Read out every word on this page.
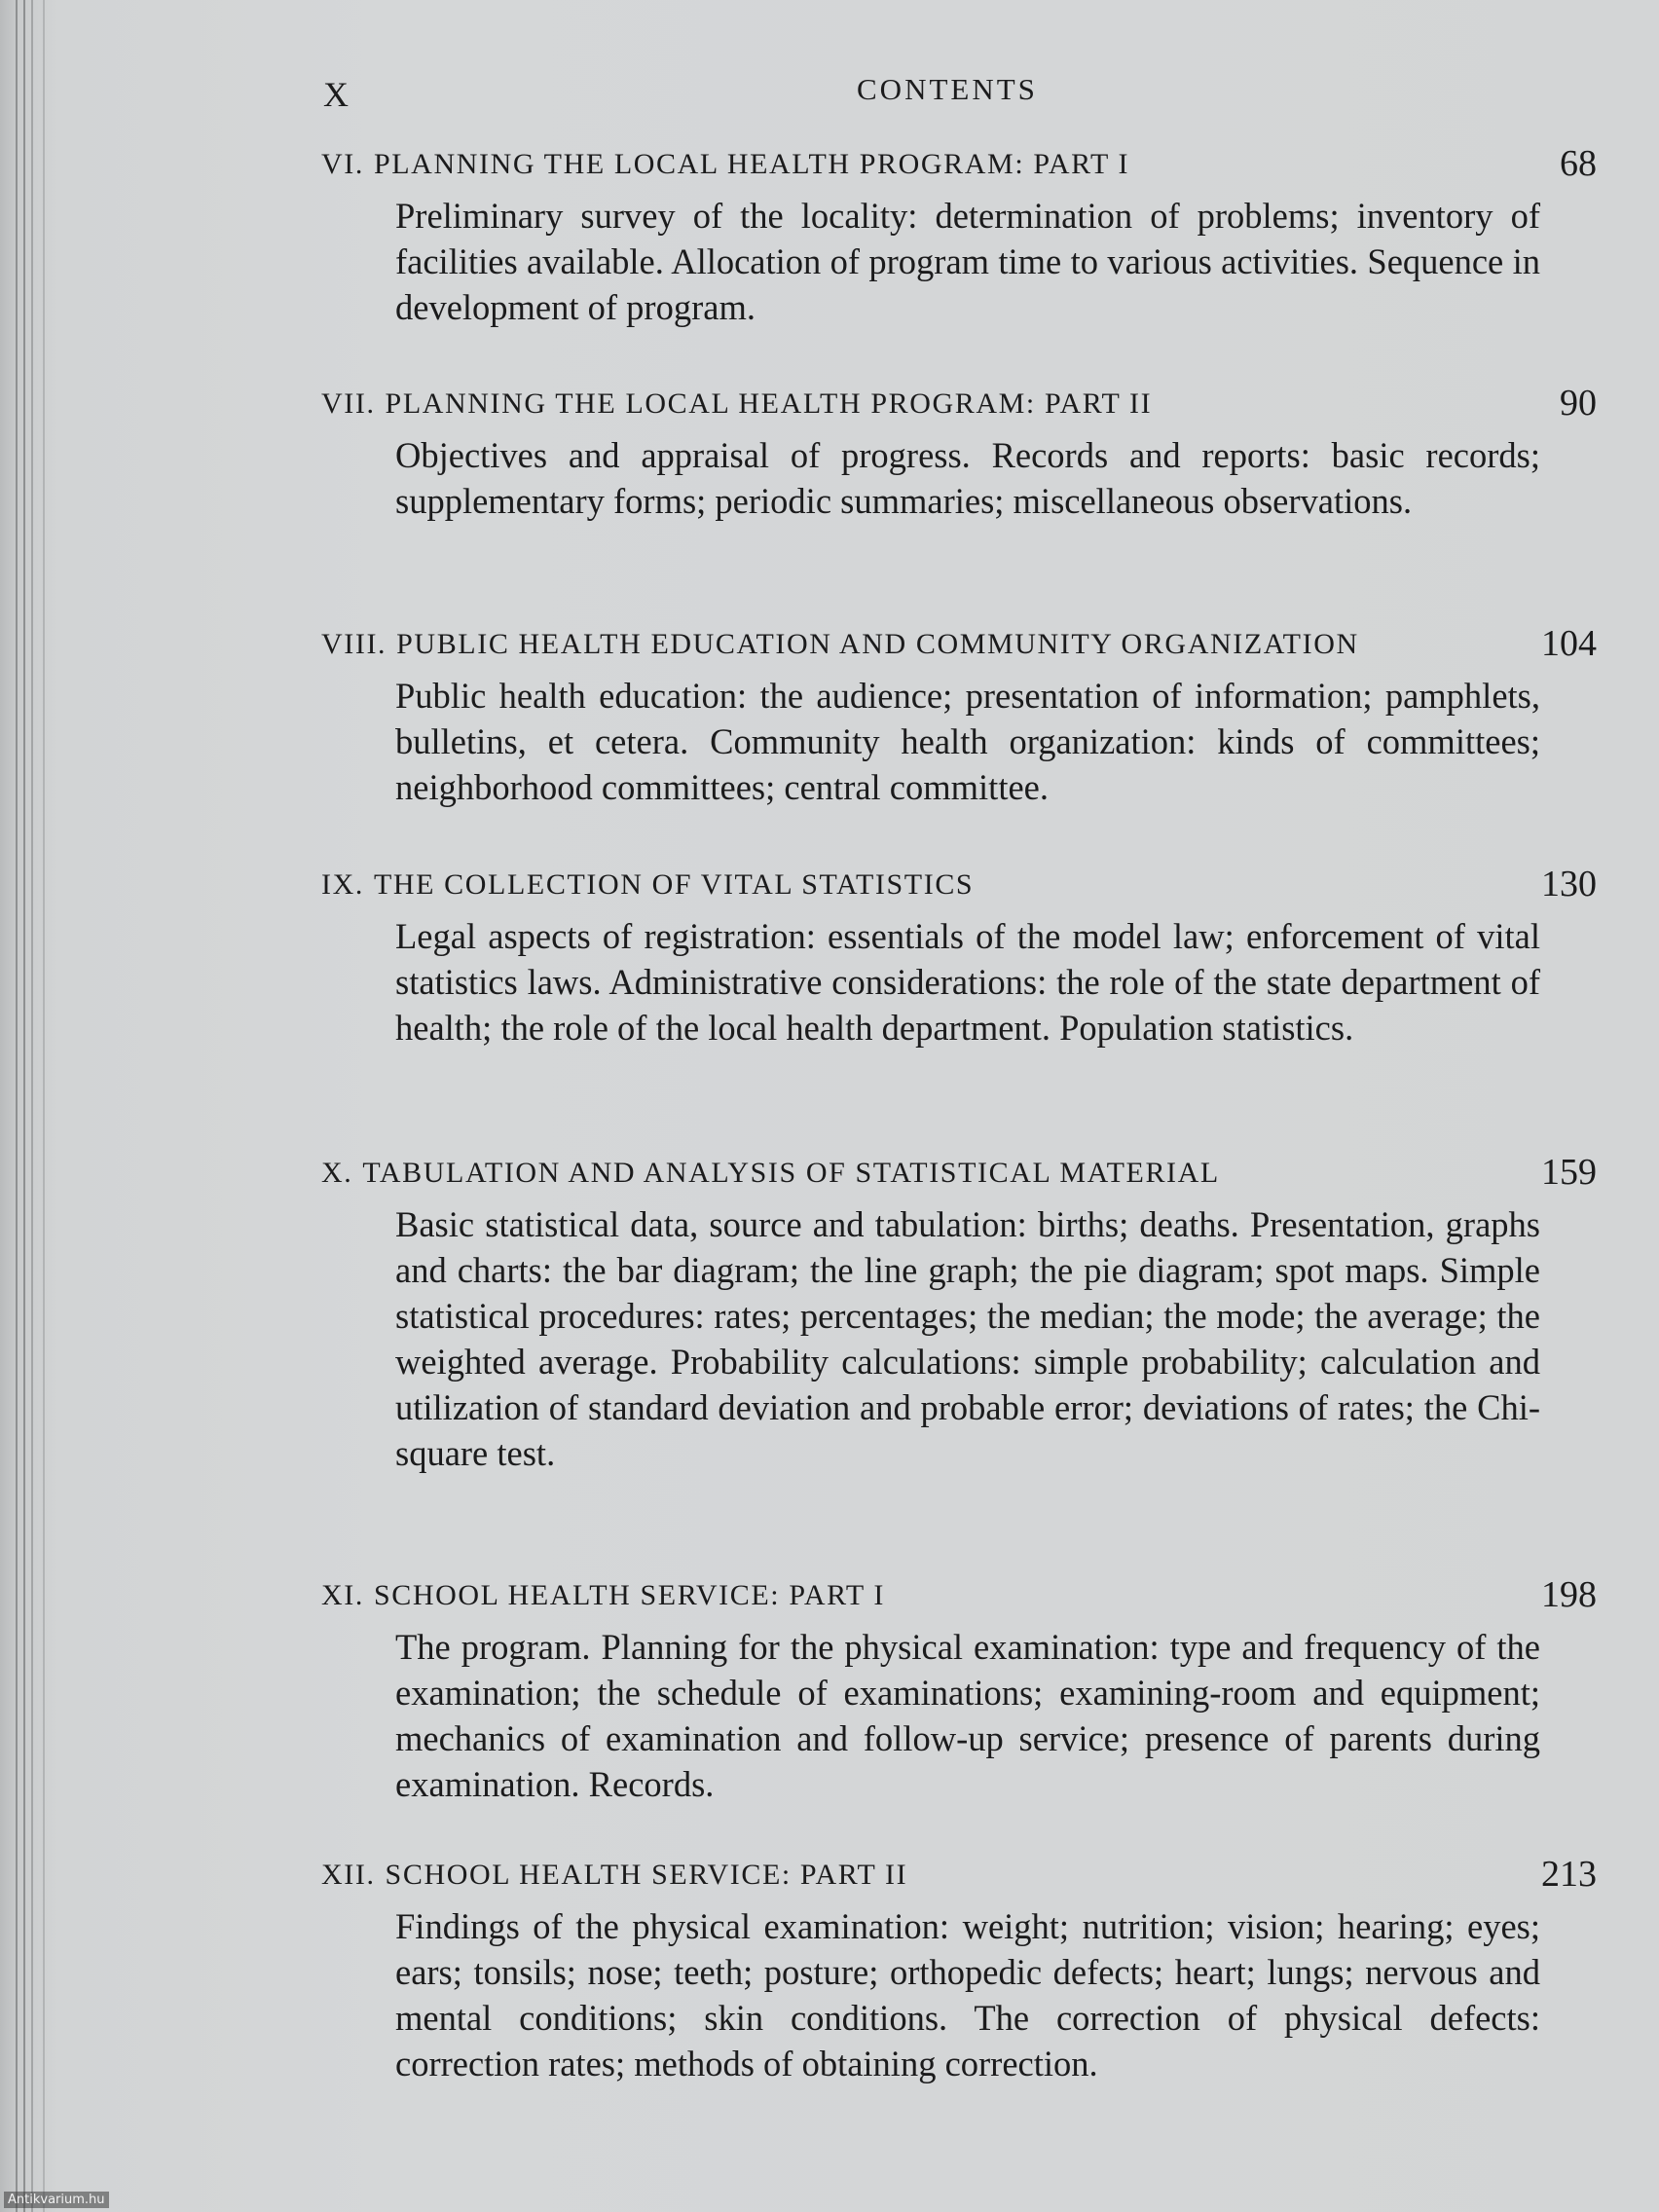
X	CONTENTS
VI. PLANNING THE LOCAL HEALTH PROGRAM: PART I	68
Preliminary survey of the locality: determination of problems; inventory of facilities available. Allocation of program time to various activities. Sequence in development of program.
VII. PLANNING THE LOCAL HEALTH PROGRAM: PART II	90
Objectives and appraisal of progress. Records and reports: basic records; supplementary forms; periodic summaries; miscellaneous observations.
VIII. PUBLIC HEALTH EDUCATION AND COMMUNITY ORGANIZATION	104
Public health education: the audience; presentation of information; pamphlets, bulletins, et cetera. Community health organization: kinds of committees; neighborhood committees; central committee.
IX. THE COLLECTION OF VITAL STATISTICS	130
Legal aspects of registration: essentials of the model law; enforcement of vital statistics laws. Administrative considerations: the role of the state department of health; the role of the local health department. Population statistics.
X. TABULATION AND ANALYSIS OF STATISTICAL MATERIAL	159
Basic statistical data, source and tabulation: births; deaths. Presentation, graphs and charts: the bar diagram; the line graph; the pie diagram; spot maps. Simple statistical procedures: rates; percentages; the median; the mode; the average; the weighted average. Probability calculations: simple probability; calculation and utilization of standard deviation and probable error; deviations of rates; the Chi-square test.
XI. SCHOOL HEALTH SERVICE: PART I	198
The program. Planning for the physical examination: type and frequency of the examination; the schedule of examinations; examining-room and equipment; mechanics of examination and follow-up service; presence of parents during examination. Records.
XII. SCHOOL HEALTH SERVICE: PART II	213
Findings of the physical examination: weight; nutrition; vision; hearing; eyes; ears; tonsils; nose; teeth; posture; orthopedic defects; heart; lungs; nervous and mental conditions; skin conditions. The correction of physical defects: correction rates; methods of obtaining correction.
Antikvarium.hu
